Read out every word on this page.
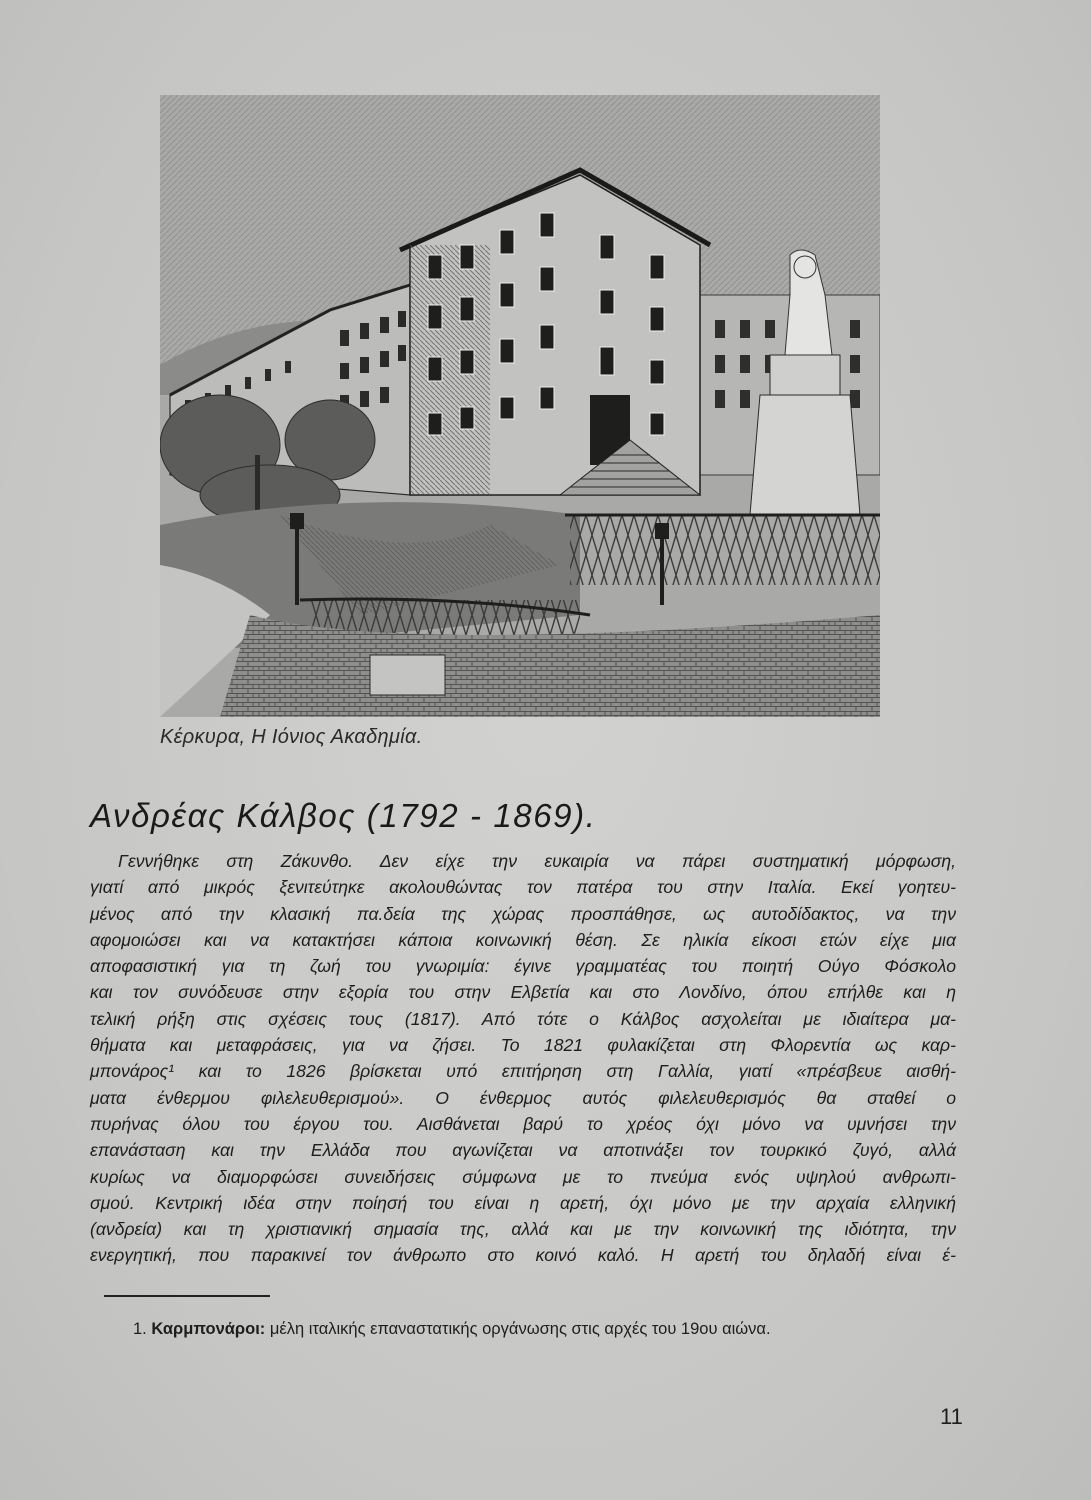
Κέρκυρα, Η Ιόνιος Ακαδημία.
Ανδρέας Κάλβος (1792 - 1869).
Γεννήθηκε στη Ζάκυνθο. Δεν είχε την ευκαιρία να πάρει συστηματική μόρφωση,
γιατί από μικρός ξενιτεύτηκε ακολουθώντας τον πατέρα του στην Ιταλία. Εκεί γοητευ-
μένος από την κλασική πα.δεία της χώρας προσπάθησε, ως αυτοδίδακτος, να την
αφομοιώσει και να κατακτήσει κάποια κοινωνική θέση. Σε ηλικία είκοσι ετών είχε μια
αποφασιστική για τη ζωή του γνωριμία: έγινε γραμματέας του ποιητή Ούγο Φόσκολο
και τον συνόδευσε στην εξορία του στην Ελβετία και στο Λονδίνο, όπου επήλθε και η
τελική ρήξη στις σχέσεις τους (1817). Από τότε ο Κάλβος ασχολείται με ιδιαίτερα μα-
θήματα και μεταφράσεις, για να ζήσει. Το 1821 φυλακίζεται στη Φλορεντία ως καρ-
μπονάρος¹ και το 1826 βρίσκεται υπό επιτήρηση στη Γαλλία, γιατί «πρέσβευε αισθή-
ματα ένθερμου φιλελευθερισμού». Ο ένθερμος αυτός φιλελευθερισμός θα σταθεί ο
πυρήνας όλου του έργου του. Αισθάνεται βαρύ το χρέος όχι μόνο να υμνήσει την
επανάσταση και την Ελλάδα που αγωνίζεται να αποτινάξει τον τουρκικό ζυγό, αλλά
κυρίως να διαμορφώσει συνειδήσεις σύμφωνα με το πνεύμα ενός υψηλού ανθρωπι-
σμού. Κεντρική ιδέα στην ποίησή του είναι η αρετή, όχι μόνο με την αρχαία ελληνική
(ανδρεία) και τη χριστιανική σημασία της, αλλά και με την κοινωνική της ιδιότητα, την
ενεργητική, που παρακινεί τον άνθρωπο στο κοινό καλό. Η αρετή του δηλαδή είναι έ-
1. Καρμπονάροι: μέλη ιταλικής επαναστατικής οργάνωσης στις αρχές του 19ου αιώνα.
11
